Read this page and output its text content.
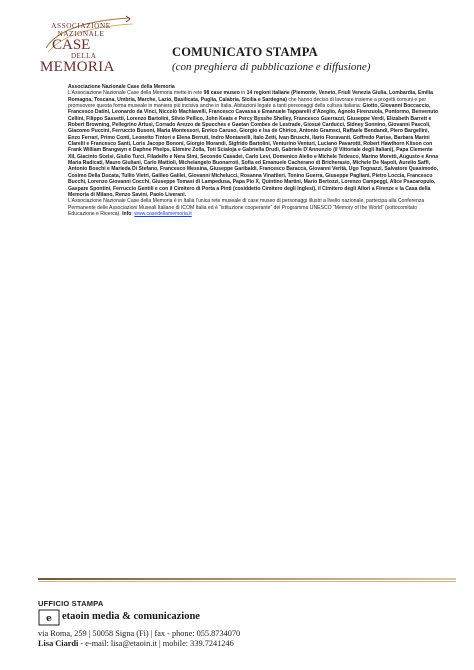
ASSOCIAZIONE
NAZIONALE
CASE
DELLA
MEMORIA
COMUNICATO STAMPA
(con preghiera di pubblicazione e diffusione)

Associazione Nazionale Case della Memoria

L’Associazione Nazionale Case della Memoria mette in rete 98 case museo in 14 regioni italiane (Piemonte, Veneto, Friuli Venezia Giulia, Lombardia, Emilia Romagna, Toscana, Umbria, Marche, Lazio, Basilicata, Puglia, Calabria, Sicilia e Sardegna) che hanno deciso di lavorare insieme a progetti comuni e per promuovere questa forma museale in maniera più incisiva anche in Italia. Abitazioni legate a tanti personaggi della cultura italiana: Giotto, Giovanni Boccaccio, Francesco Datini, Leonardo da Vinci, Niccolò Machiavelli, Francesco Cavassa e Emanuele Tapparelli d’Azeglio, Agnolo Firenzuola, Pontormo, Benvenuto Cellini, Filippo Sassetti, Lorenzo Bartolini, Silvio Pellico, John Keats e Percy Bysshe Shelley, Francesco Guerrazzi, Giuseppe Verdi, Elizabeth Barrett e Robert Browning, Pellegrino Artusi, Corrado Arezzo de Spucches e Gaetan Combes de Lestrade, Giosuè Carducci, Sidney Sonnino, Giovanni Pascoli, Giacomo Puccini, Ferruccio Busoni, Maria Montessori, Enrico Caruso, Giorgio e Isa de Chirico, Antonio Gramsci, Raffaele Bendandi, Piero Bargellini, Enzo Ferrari, Primo Conti, Leonetto Tintori e Elena Berruti, Indro Montanelli, Italo Zetti, Ivan Bruschi, Ilario Fioravanti, Goffredo Parise, Barbara Marini Clarelli e Francesco Santi, Loris Jacopo Bononi, Giorgio Morandi, Sigfrido Bartolini, Venturino Venturi, Luciano Pavarotti, Robert Hawthorn Kitson con Frank William Brangwyn e Daphne Phelps, Elémire Zolla, Toti Scialoja e Gabriella Drudi, Gabriele D’Annunzio (il Vittoriale degli Italiani), Papa Clemente XII, Giacinto Scelsi, Giulio Turci, Filadelfo e Nera Simi, Secondo Casadei, Carlo Levi, Domenico Aiello e Michele Tedesco, Marino Moretti, Augusto e Anna Maria Radicati, Mauro Giuliani, Carlo Mattioli, Michelangelo Buonarroti, Sofia ed Emanuele Cacherano di Bricherasio, Michele De Napoli, Aurelio Saffi, Antonio Boschi e Marieda Di Stefano, Francesco Messina, Giuseppe Garibaldi, Francesco Baracca, Giovanni Verità, Ugo Tognazzi, Salvatore Quasimodo, Cosimo Della Ducata, Tullio Vietri, Galileo Galilei, Giovanni Michelucci, Rosanna Vinattieri, Tonino Guerra, Giuseppe Pagliani, Pietro Loccia, Francesco Bucchi, Lorenzo Giovanni Cocchi, Giuseppe Tomasi di Lampedusa, Papa Pio X, Quintino Martini, Mario Bertozzi, Lorenzo Campeggi, Alice Psacaropulo, Gaspare Spontini, Ferruccio Gentili e con il Cimitero di Porta a Pinti (cosiddetto Cimitero degli Inglesi), il Cimitero degli Allori a Firenze e la Casa della Memoria di Milano, Renzo Savini, Paolo Liverani.

L’Associazione Nazionale Case della Memoria è in Italia l’unica rete museale di case museo di personaggi illustri a livello nazionale, partecipa alla Conferenza Permanente delle Associazioni Museali Italiane di ICOM Italia ed è “istituzione cooperante” del Programma UNESCO “Memory of the World” (sottocomitato Educazione e Ricerca). Info: www.casedellamemoria.it

UFFICIO STAMPA
e etaoin media & comunicazione
via Roma, 259 | 50058 Signa (Fi) | fax - phone: 055.8734070
Lisa Ciardi - e-mail: lisa@etaoin.it | mobile: 339.7241246
